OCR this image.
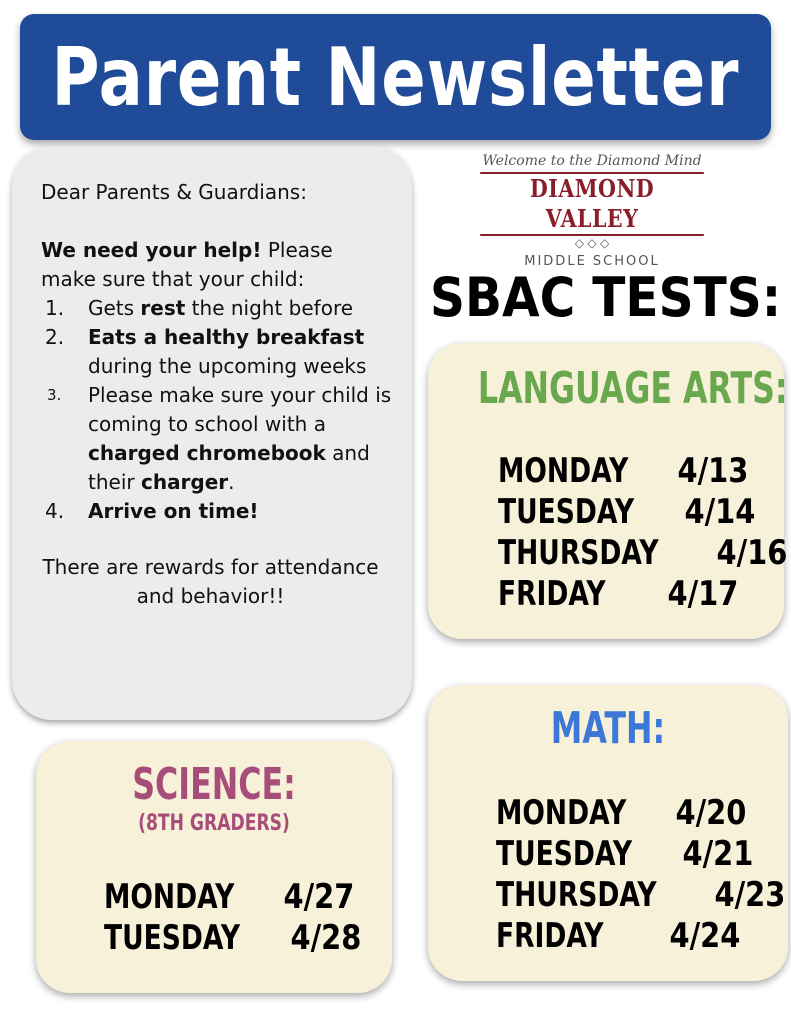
Parent Newsletter

Dear Parents & Guardians:

We need your help! Please make sure that your child:

1. Gets rest the night before
2. Eats a healthy breakfast during the upcoming weeks
3. Please make sure your child is coming to school with a charged chromebook and their charger.
4. Arrive on time!

There are rewards for attendance and behavior!!

Welcome to the Diamond Mind

DIAMOND VALLEY

◇ ◇ ◇

MIDDLE SCHOOL

SBAC TESTS:
LANGUAGE ARTS:
MONDAY 4/13
TUESDAY 4/14
THURSDAY 4/16
FRIDAY 4/17
MATH:
MONDAY 4/20
TUESDAY 4/21
THURSDAY 4/23
FRIDAY 4/24
SCIENCE:
(8TH GRADERS)
MONDAY 4/27
TUESDAY 4/28
